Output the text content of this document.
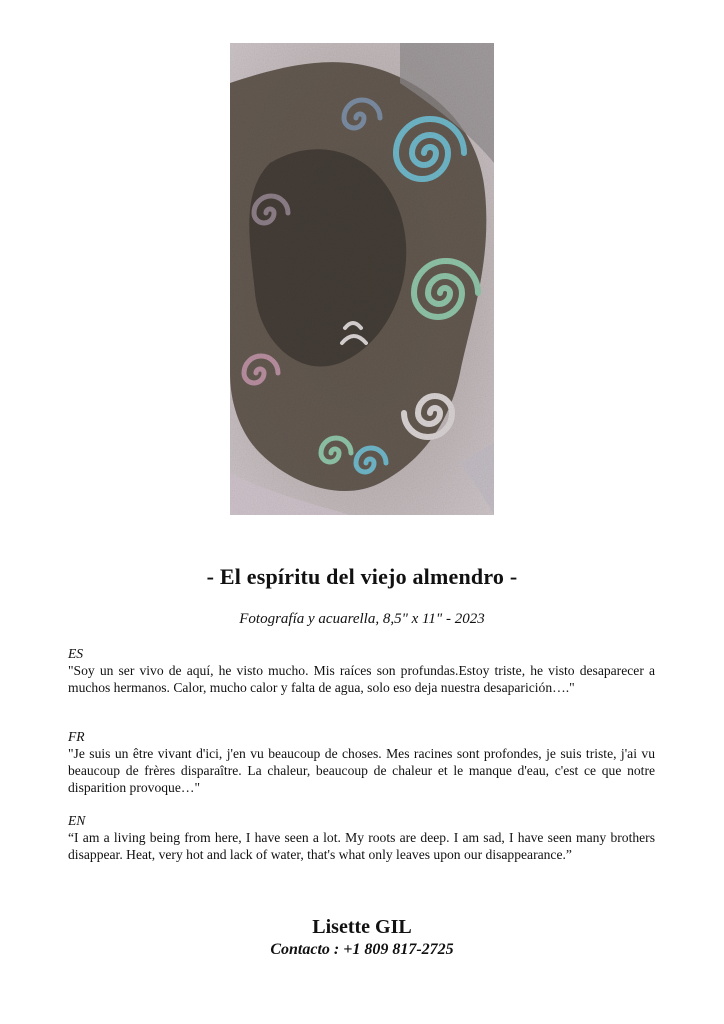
- El espíritu del viejo almendro -
Fotografía y acuarella, 8,5" x 11" - 2023
ES
"Soy un ser vivo de aquí, he visto mucho. Mis raíces son profundas.Estoy triste, he visto desaparecer a muchos hermanos. Calor, mucho calor y falta de agua, solo eso deja nuestra desaparición…."
FR
"Je suis un être vivant d'ici, j'en vu beaucoup de choses. Mes racines sont profondes, je suis triste, j'ai vu beaucoup de frères disparaître. La chaleur, beaucoup de chaleur et le manque d'eau, c'est ce que notre disparition provoque…"
EN
“I am a living being from here, I have seen a lot. My roots are deep. I am sad, I have seen many brothers disappear. Heat, very hot and lack of water, that's what only leaves upon our disappearance.”
Lisette GIL
Contacto : +1 809 817-2725
